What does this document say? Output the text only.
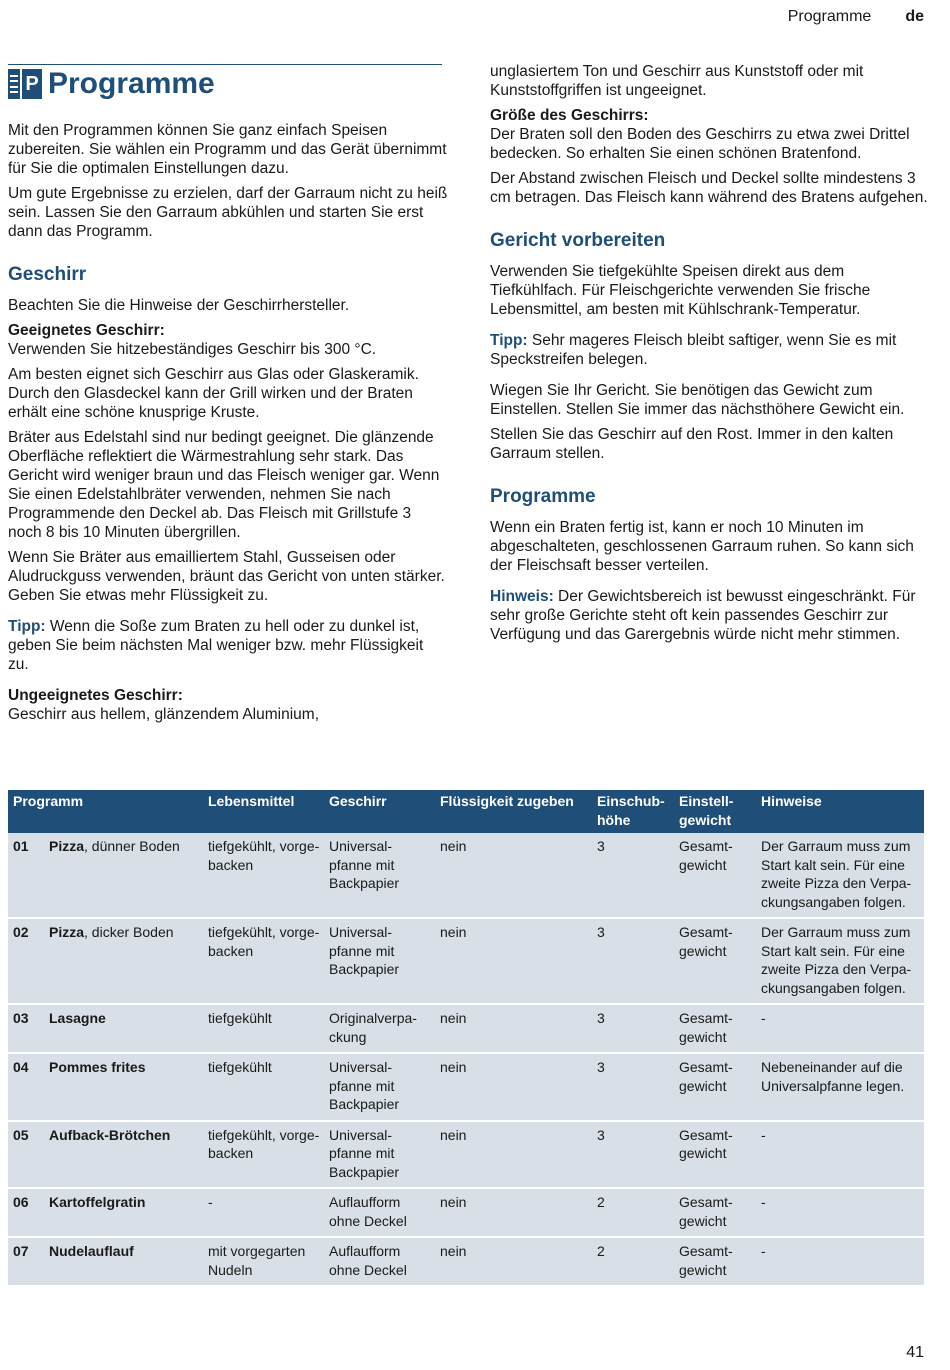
Programme de
P Programme

Mit den Programmen können Sie ganz einfach Speisen zubereiten. Sie wählen ein Programm und das Gerät übernimmt für Sie die optimalen Einstellungen dazu.

Um gute Ergebnisse zu erzielen, darf der Garraum nicht zu heiß sein. Lassen Sie den Garraum abkühlen und starten Sie erst dann das Programm.

Geschirr

Beachten Sie die Hinweise der Geschirrhersteller.

Geeignetes Geschirr:
Verwenden Sie hitzebeständiges Geschirr bis 300 °C.

Am besten eignet sich Geschirr aus Glas oder Glaskeramik. Durch den Glasdeckel kann der Grill wirken und der Braten erhält eine schöne knusprige Kruste.

Bräter aus Edelstahl sind nur bedingt geeignet. Die glänzende Oberfläche reflektiert die Wärmestrahlung sehr stark. Das Gericht wird weniger braun und das Fleisch weniger gar. Wenn Sie einen Edelstahlbräter verwenden, nehmen Sie nach Programmende den Deckel ab. Das Fleisch mit Grillstufe 3 noch 8 bis 10 Minuten übergrillen.

Wenn Sie Bräter aus emailliertem Stahl, Gusseisen oder Aludruckguss verwenden, bräunt das Gericht von unten stärker. Geben Sie etwas mehr Flüssigkeit zu.

Tipp: Wenn die Soße zum Braten zu hell oder zu dunkel ist, geben Sie beim nächsten Mal weniger bzw. mehr Flüssigkeit zu.

Ungeeignetes Geschirr:
Geschirr aus hellem, glänzendem Aluminium,

unglasiertem Ton und Geschirr aus Kunststoff oder mit Kunststoffgriffen ist ungeeignet.

Größe des Geschirrs:
Der Braten soll den Boden des Geschirrs zu etwa zwei Drittel bedecken. So erhalten Sie einen schönen Bratenfond.

Der Abstand zwischen Fleisch und Deckel sollte mindestens 3 cm betragen. Das Fleisch kann während des Bratens aufgehen.

Gericht vorbereiten

Verwenden Sie tiefgekühlte Speisen direkt aus dem Tiefkühlfach. Für Fleischgerichte verwenden Sie frische Lebensmittel, am besten mit Kühlschrank-Temperatur.

Tipp: Sehr mageres Fleisch bleibt saftiger, wenn Sie es mit Speckstreifen belegen.

Wiegen Sie Ihr Gericht. Sie benötigen das Gewicht zum Einstellen. Stellen Sie immer das nächsthöhere Gewicht ein.

Stellen Sie das Geschirr auf den Rost. Immer in den kalten Garraum stellen.

Programme

Wenn ein Braten fertig ist, kann er noch 10 Minuten im abgeschalteten, geschlossenen Garraum ruhen. So kann sich der Fleischsaft besser verteilen.

Hinweis: Der Gewichtsbereich ist bewusst eingeschränkt. Für sehr große Gerichte steht oft kein passendes Geschirr zur Verfügung und das Garergebnis würde nicht mehr stimmen.

Programm	Lebensmittel	Geschirr	Flüssigkeit zugeben	Einschub-
höhe	Einstell-
gewicht	Hinweise
01 Pizza, dünner Boden	tiefgekühlt, vorge-
backen	Universal-
pfanne mit
Backpapier	nein	3	Gesamt-
gewicht	Der Garraum muss zum
Start kalt sein. Für eine
zweite Pizza den Verpa-
ckungsangaben folgen.
02 Pizza, dicker Boden	tiefgekühlt, vorge-
backen	Universal-
pfanne mit
Backpapier	nein	3	Gesamt-
gewicht	Der Garraum muss zum
Start kalt sein. Für eine
zweite Pizza den Verpa-
ckungsangaben folgen.
03 Lasagne	tiefgekühlt	Originalverpa-
ckung	nein	3	Gesamt-
gewicht	-
04 Pommes frites	tiefgekühlt	Universal-
pfanne mit
Backpapier	nein	3	Gesamt-
gewicht	Nebeneinander auf die
Universalpfanne legen.
05 Aufback-Brötchen	tiefgekühlt, vorge-
backen	Universal-
pfanne mit
Backpapier	nein	3	Gesamt-
gewicht	-
06 Kartoffelgratin	-	Auflaufform
ohne Deckel	nein	2	Gesamt-
gewicht	-
07 Nudelauflauf	mit vorgegarten
Nudeln	Auflaufform
ohne Deckel	nein	2	Gesamt-
gewicht	-
41
